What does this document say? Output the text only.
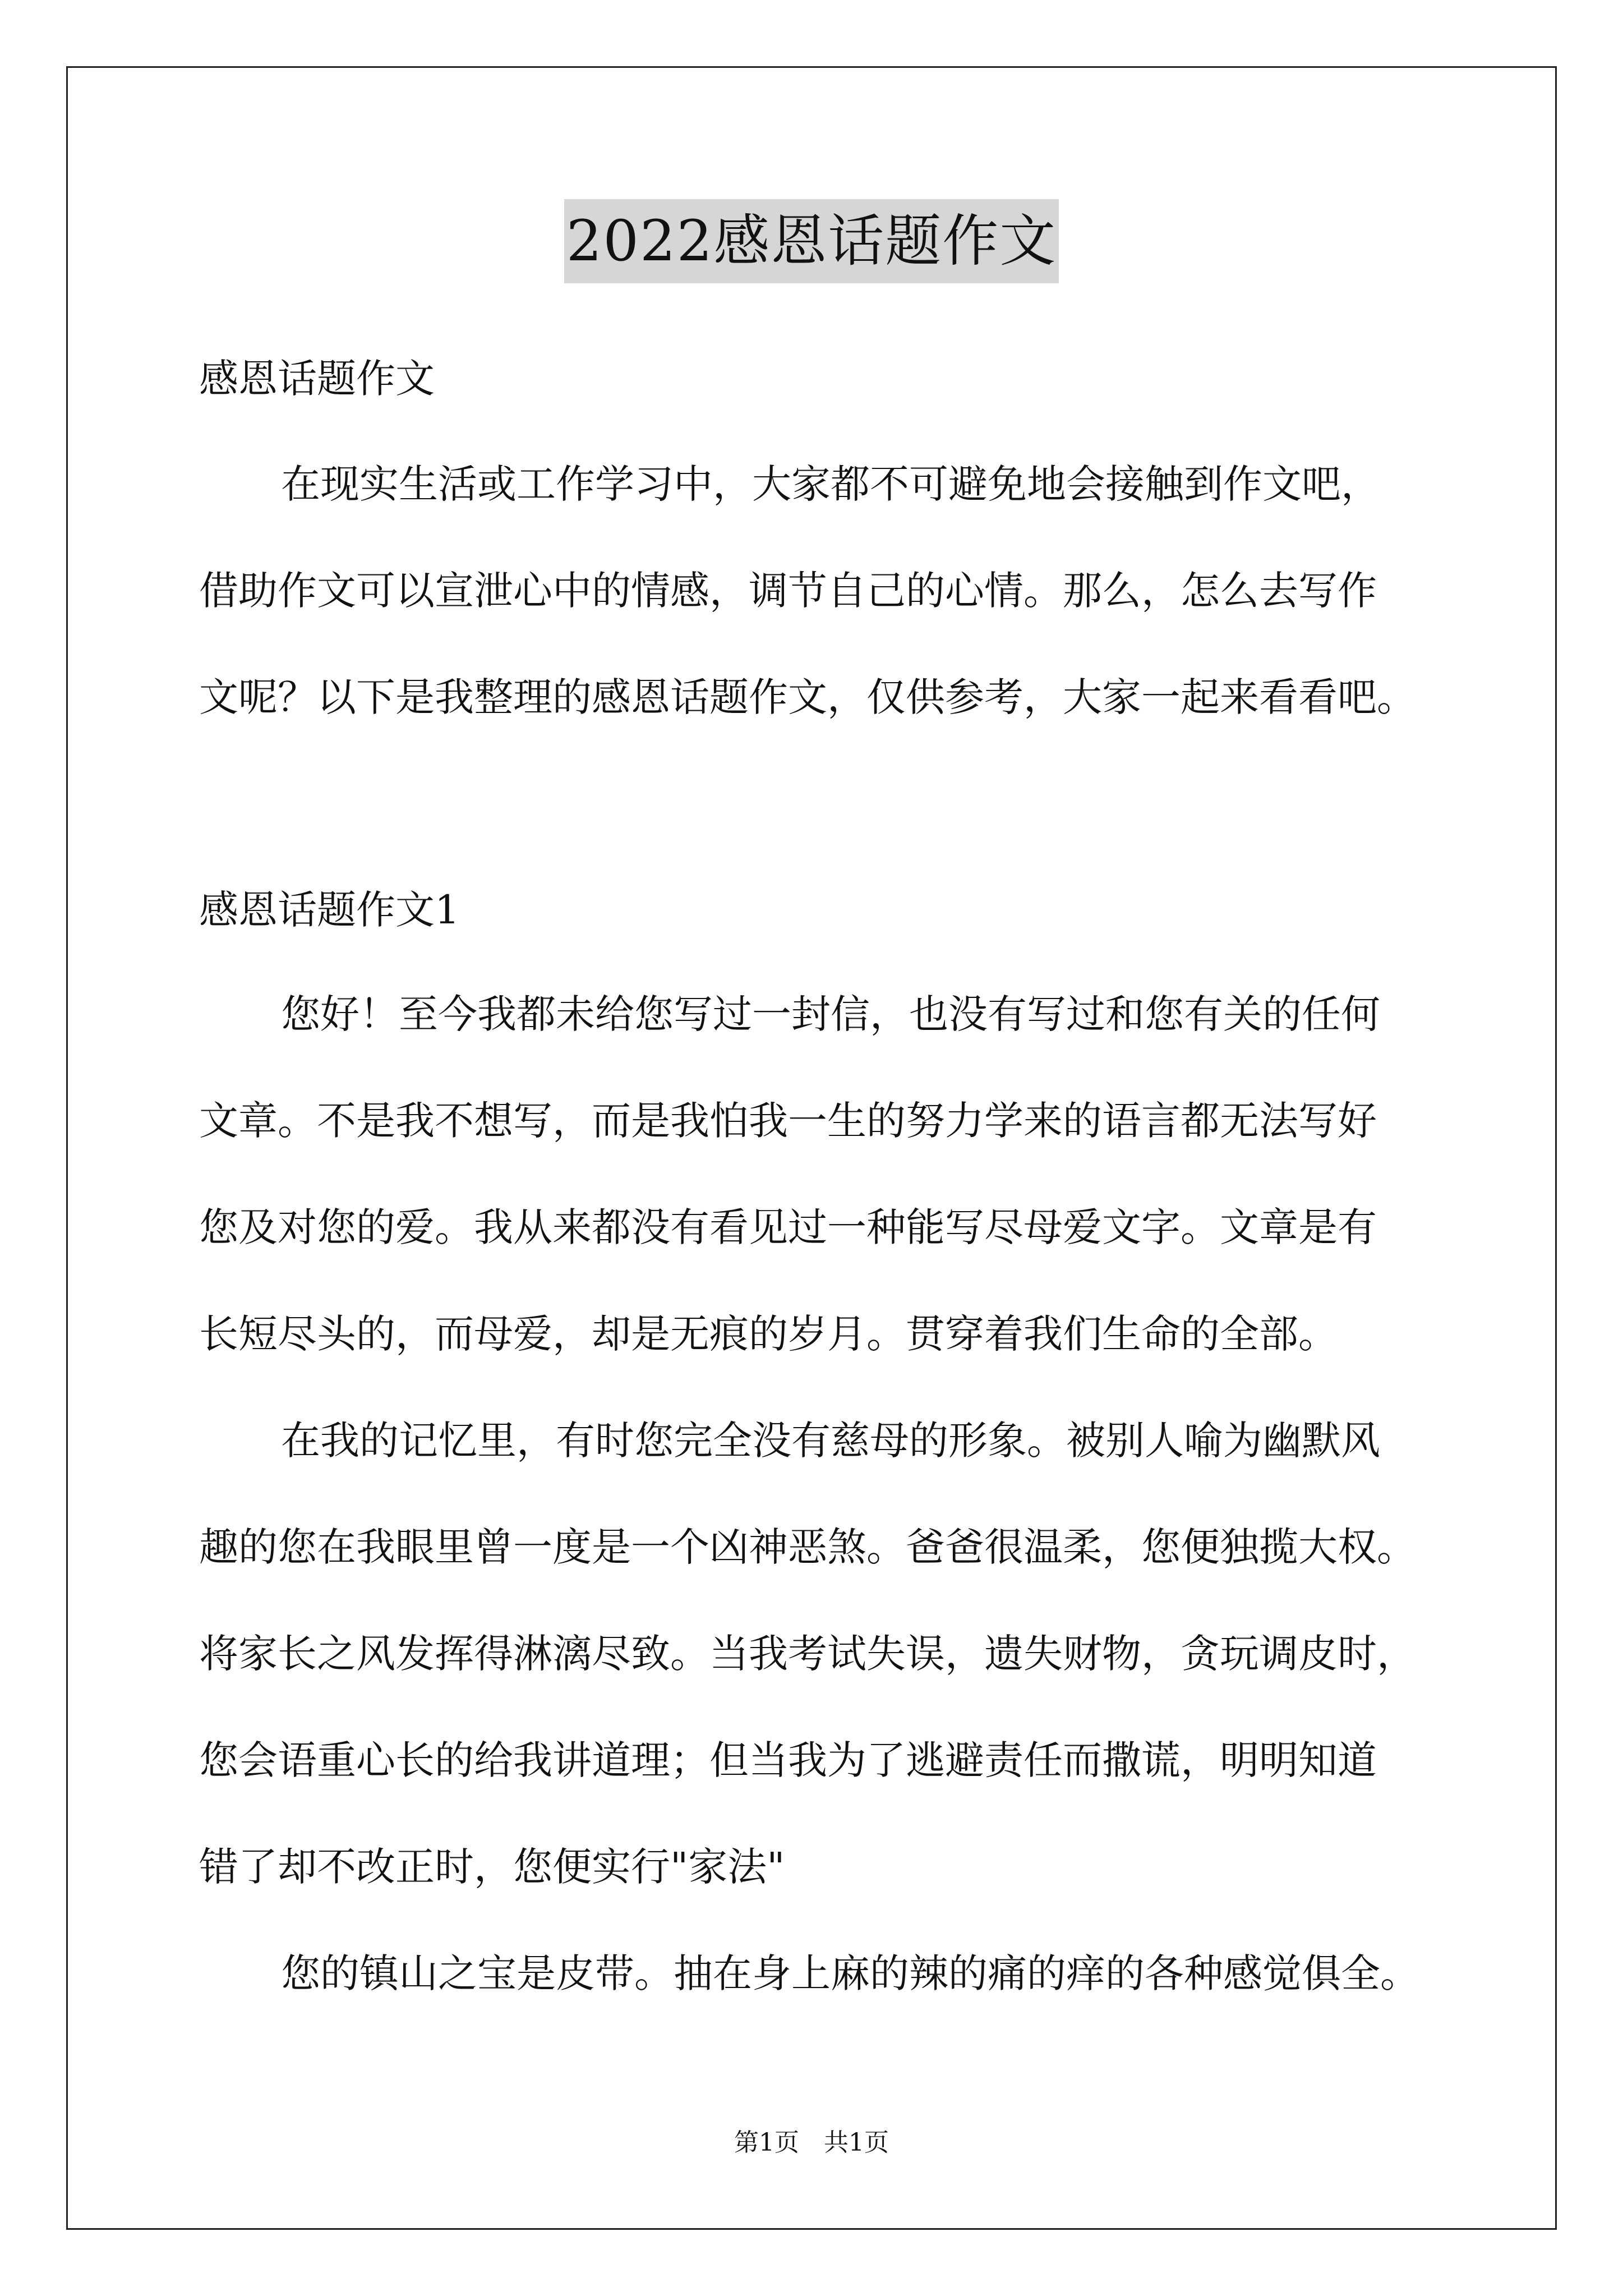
2022感恩话题作文
感恩话题作文
在现实生活或工作学习中，大家都不可避免地会接触到作文吧，
借助作文可以宣泄心中的情感，调节自己的心情。那么，怎么去写作
文呢？以下是我整理的感恩话题作文，仅供参考，大家一起来看看吧。
感恩话题作文1
您好！至今我都未给您写过一封信，也没有写过和您有关的任何
文章。不是我不想写，而是我怕我一生的努力学来的语言都无法写好
您及对您的爱。我从来都没有看见过一种能写尽母爱文字。文章是有
长短尽头的，而母爱，却是无痕的岁月。贯穿着我们生命的全部。
在我的记忆里，有时您完全没有慈母的形象。被别人喻为幽默风
趣的您在我眼里曾一度是一个凶神恶煞。爸爸很温柔，您便独揽大权。
将家长之风发挥得淋漓尽致。当我考试失误，遗失财物，贪玩调皮时，
您会语重心长的给我讲道理；但当我为了逃避责任而撒谎，明明知道
错了却不改正时，您便实行"家法"
您的镇山之宝是皮带。抽在身上麻的辣的痛的痒的各种感觉俱全。
第1页　共1页
